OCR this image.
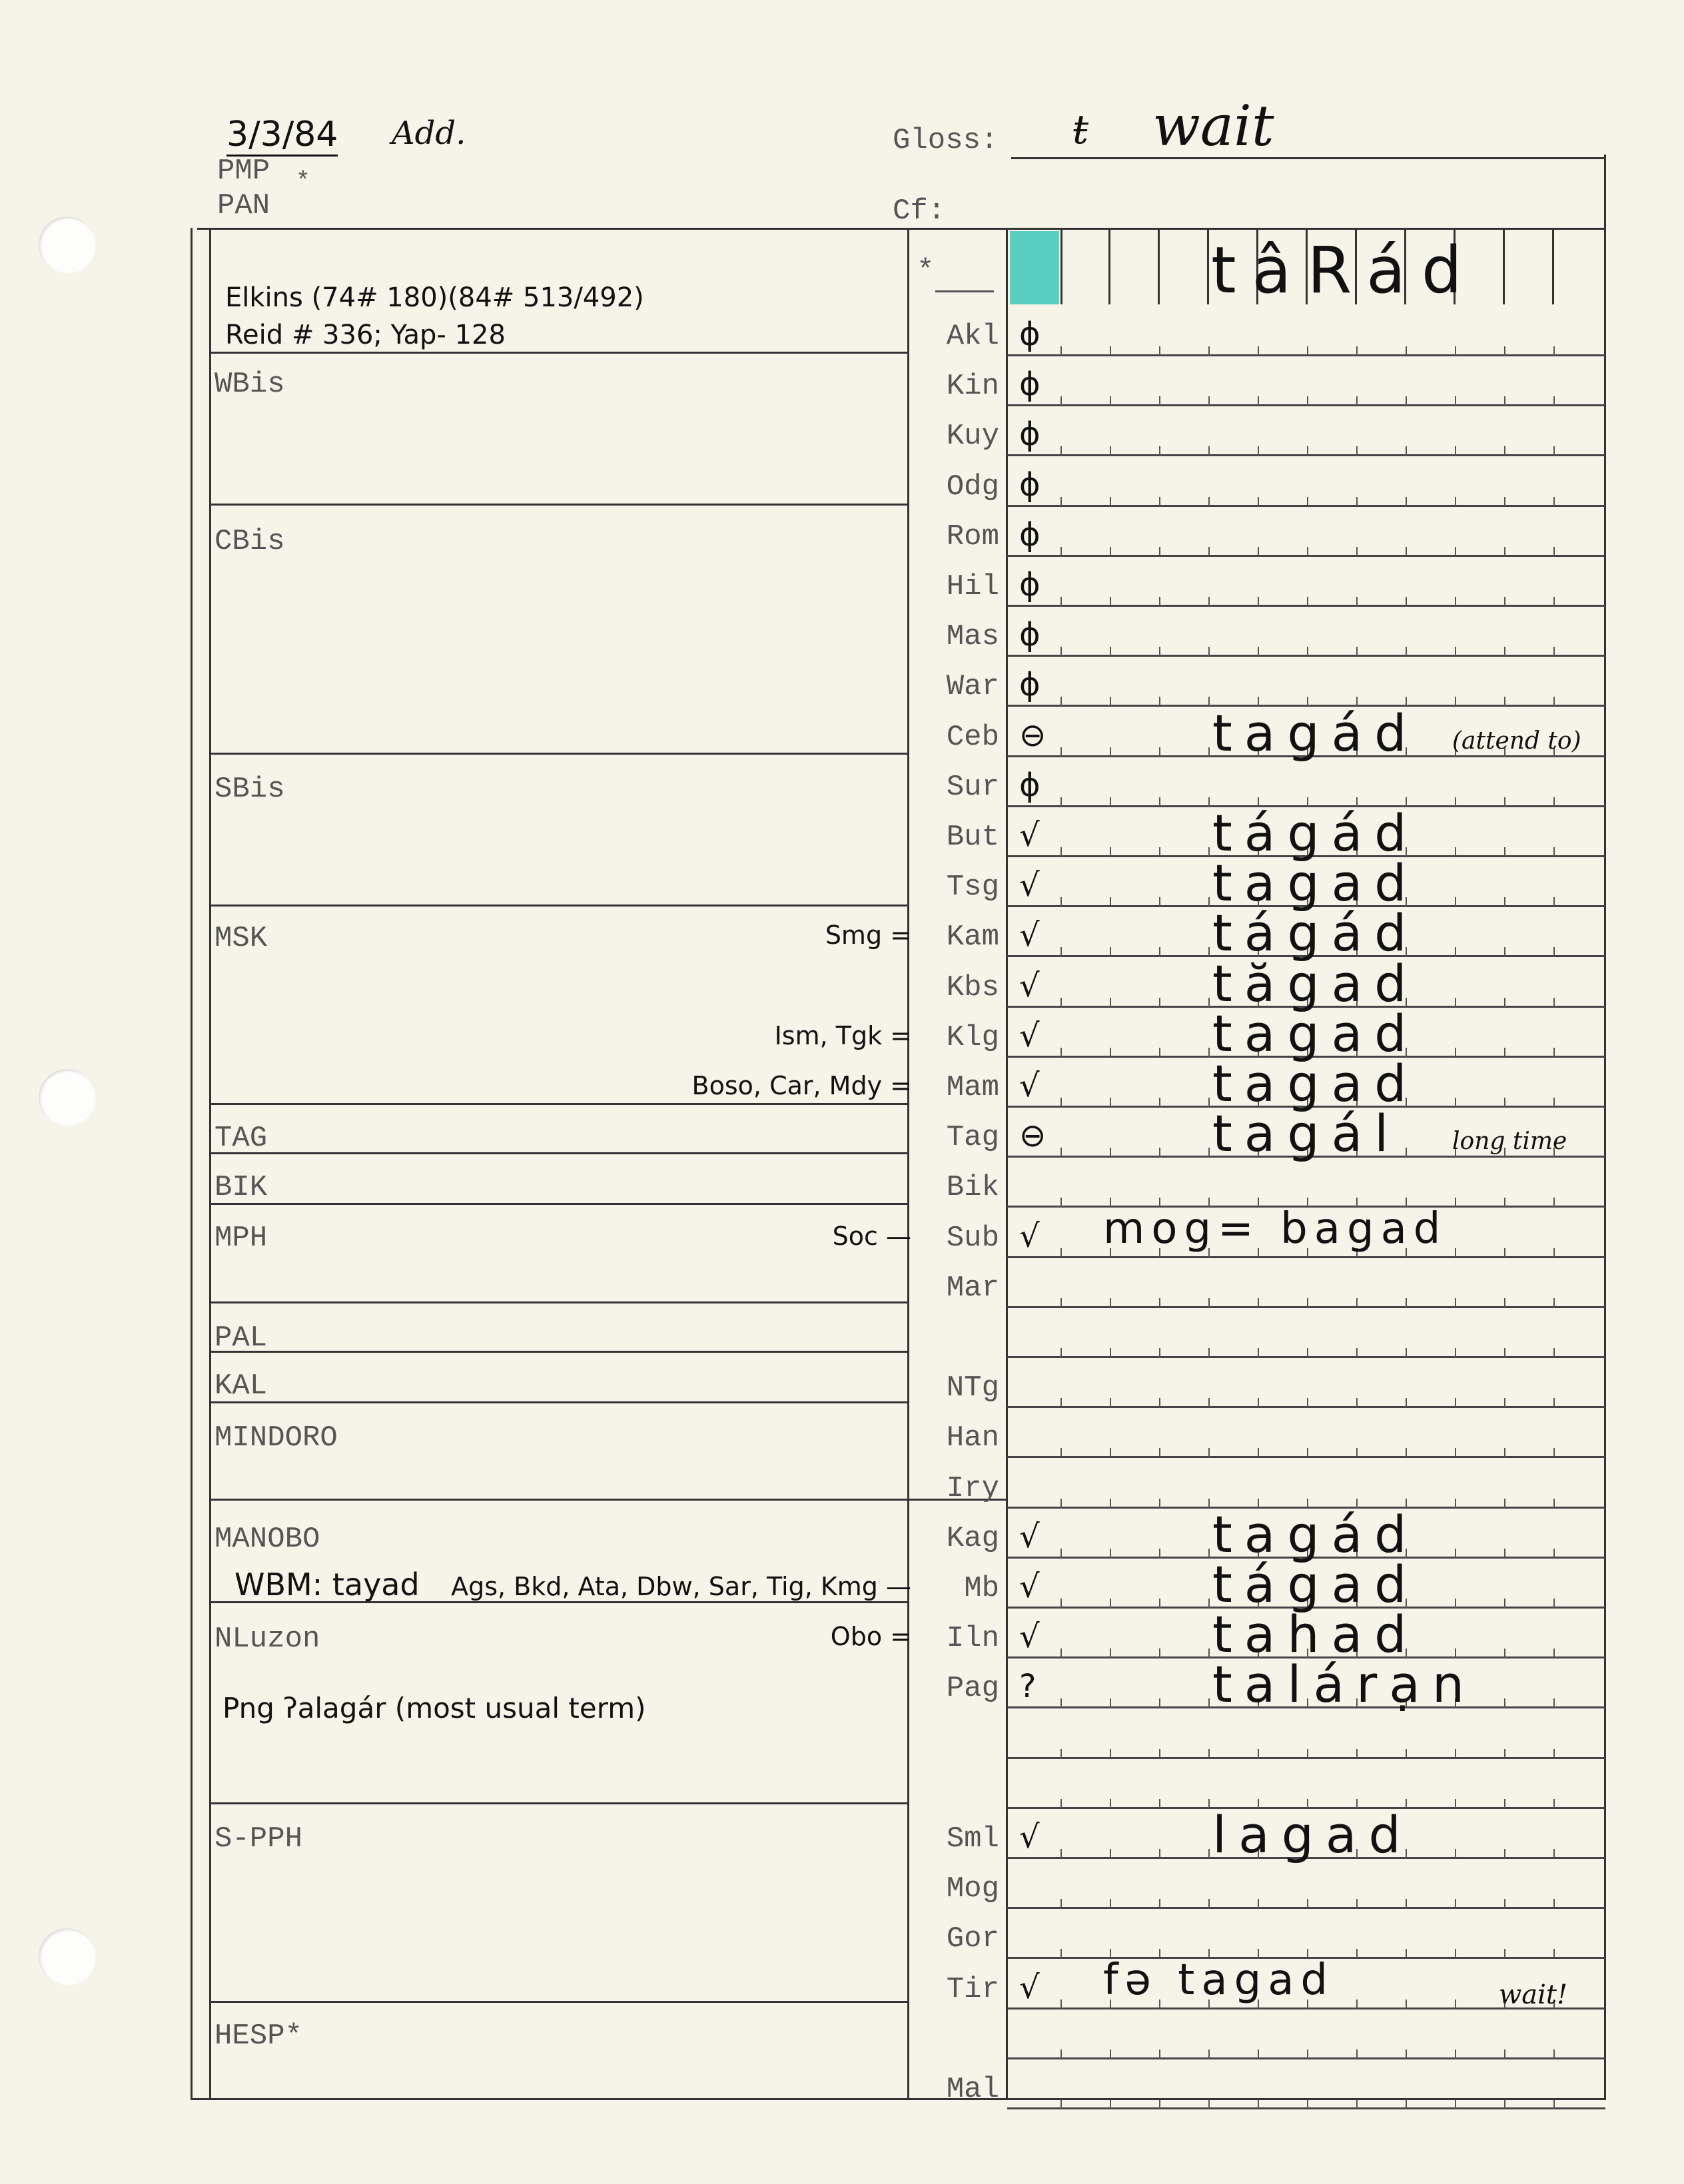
3/3/84 Add.
PMP *
PAN
Gloss:	wait
ŧ
Cf:
tâRád
*
Elkins (74# 180)(84# 513/492)
Reid # 336; Yap- 128
WBis
CBis
SBis
MSK
TAG
BIK
MPH
PAL
KAL
MINDORO
MANOBO
NLuzon
S-PPH
HESP*
WBM: tayad
Png ʔalagár (most usual term)
Akl ϕ
Kin ϕ
Kuy ϕ
Odg ϕ
Rom ϕ
Hil ϕ
Mas ϕ
War ϕ
Ceb ⊖	tagád (attend to)
Sur ϕ
But √	tágád
Tsg √	tagad
Kam √	tágád
Smg =
Kbs √	tăgad
Klg √	tagad
Ism, Tgk =
Mam √	tagad
Boso, Car, Mdy =
Tag ⊖	tagál long time
Bik
Sub √ mog= bagad
Soc —
Mar
NTg
Han
Iry
Kag √	tagád
Mb √	tágad
Ags, Bkd, Ata, Dbw, Sar, Tig, Kmg —
Iln √	tahad
Obo =
Pag ?	talárạn
Sml √	lagad
Mog
Gor
Tir √ fə tagad	wait!
Mal
